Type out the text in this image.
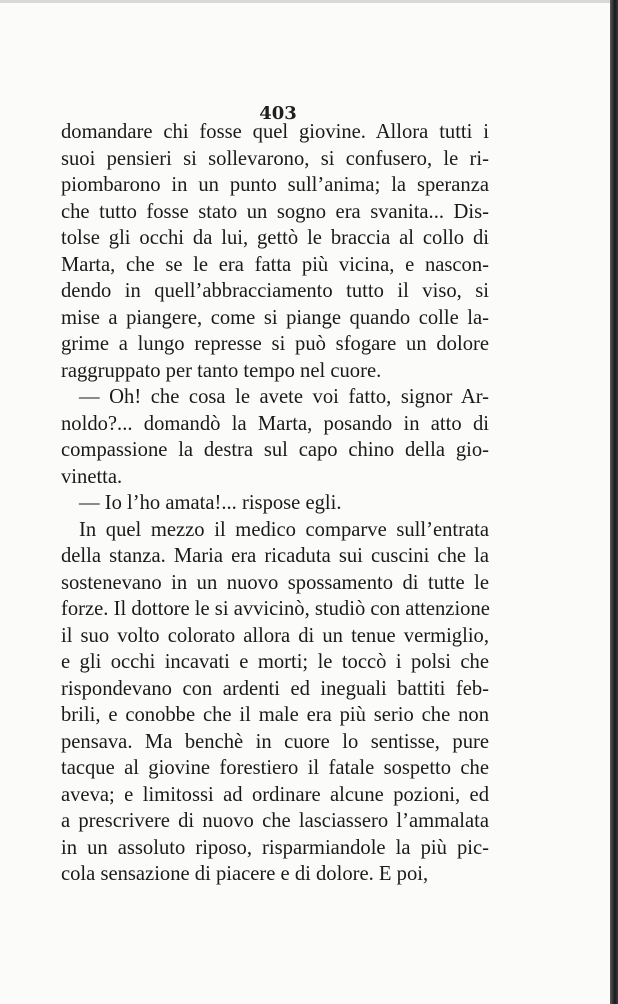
403
domandare chi fosse quel giovine. Allora tutti i
suoi pensieri si sollevarono, si confusero, le ri-
piombarono in un punto sull’anima; la speranza
che tutto fosse stato un sogno era svanita... Dis-
tolse gli occhi da lui, gettò le braccia al collo di
Marta, che se le era fatta più vicina, e nascon-
dendo in quell’abbracciamento tutto il viso, si
mise a piangere, come si piange quando colle la-
grime a lungo represse si può sfogare un dolore
raggruppato per tanto tempo nel cuore.
— Oh! che cosa le avete voi fatto, signor Ar-
noldo?... domandò la Marta, posando in atto di
compassione la destra sul capo chino della gio-
vinetta.
— Io l’ho amata!... rispose egli.
In quel mezzo il medico comparve sull’entrata
della stanza. Maria era ricaduta sui cuscini che la
sostenevano in un nuovo spossamento di tutte le
forze. Il dottore le si avvicinò, studiò con attenzione
il suo volto colorato allora di un tenue vermiglio,
e gli occhi incavati e morti; le toccò i polsi che
rispondevano con ardenti ed ineguali battiti feb-
brili, e conobbe che il male era più serio che non
pensava. Ma benchè in cuore lo sentisse, pure
tacque al giovine forestiero il fatale sospetto che
aveva; e limitossi ad ordinare alcune pozioni, ed
a prescrivere di nuovo che lasciassero l’ammalata
in un assoluto riposo, risparmiandole la più pic-
cola sensazione di piacere e di dolore. E poi,
